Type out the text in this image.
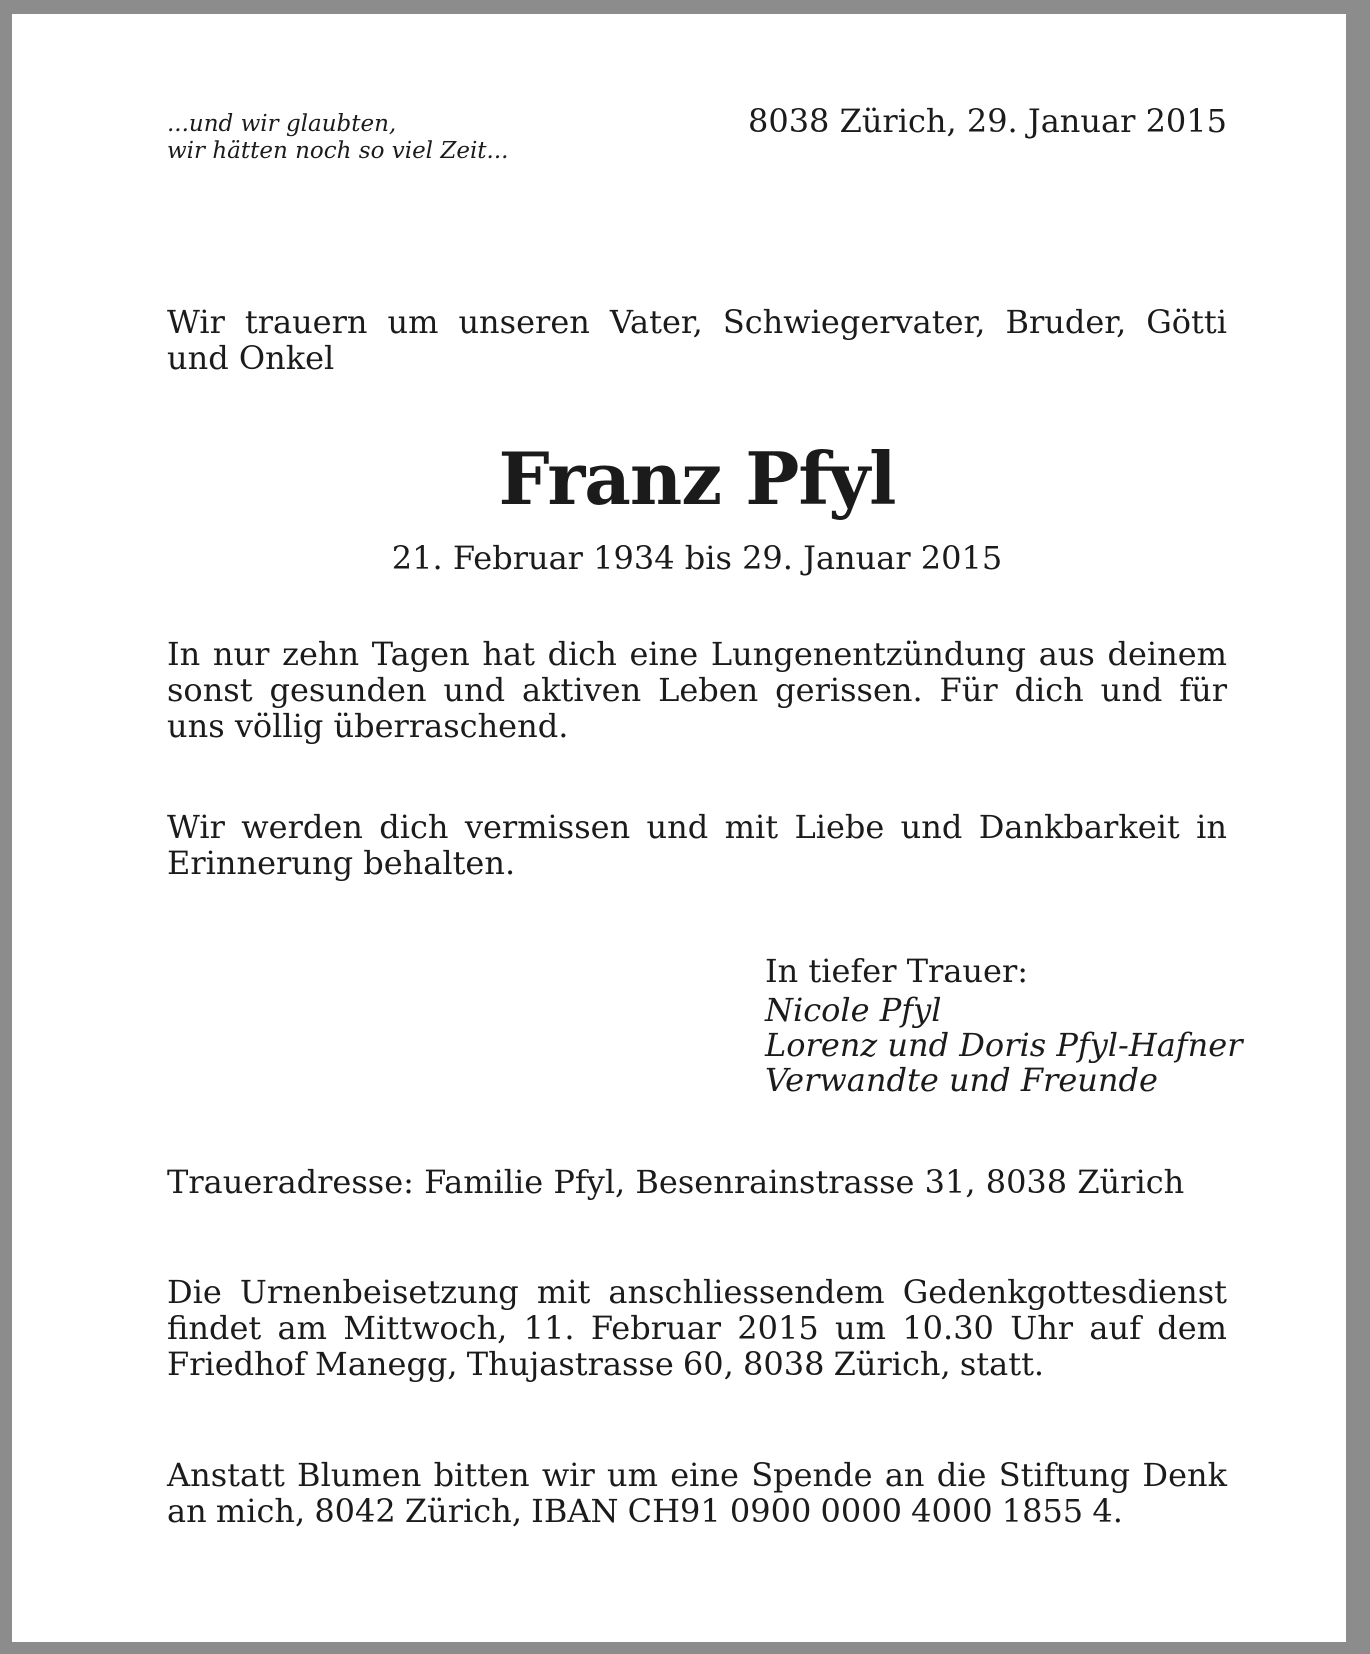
...und wir glaubten,
wir hätten noch so viel Zeit...
8038 Zürich, 29. Januar 2015
Wir trauern um unseren Vater, Schwiegervater, Bruder, Götti und Onkel
Franz Pfyl
21. Februar 1934 bis 29. Januar 2015
In nur zehn Tagen hat dich eine Lungenentzündung aus deinem sonst gesunden und aktiven Leben gerissen. Für dich und für uns völlig überraschend.
Wir werden dich vermissen und mit Liebe und Dankbarkeit in Erinnerung behalten.
In tiefer Trauer:
Nicole Pfyl
Lorenz und Doris Pfyl-Hafner
Verwandte und Freunde
Traueradresse: Familie Pfyl, Besenrainstrasse 31, 8038 Zürich
Die Urnenbeisetzung mit anschliessendem Gedenkgottesdienst findet am Mittwoch, 11. Februar 2015 um 10.30 Uhr auf dem Friedhof Manegg, Thujastrasse 60, 8038 Zürich, statt.
Anstatt Blumen bitten wir um eine Spende an die Stiftung Denk an mich, 8042 Zürich, IBAN CH91 0900 0000 4000 1855 4.
